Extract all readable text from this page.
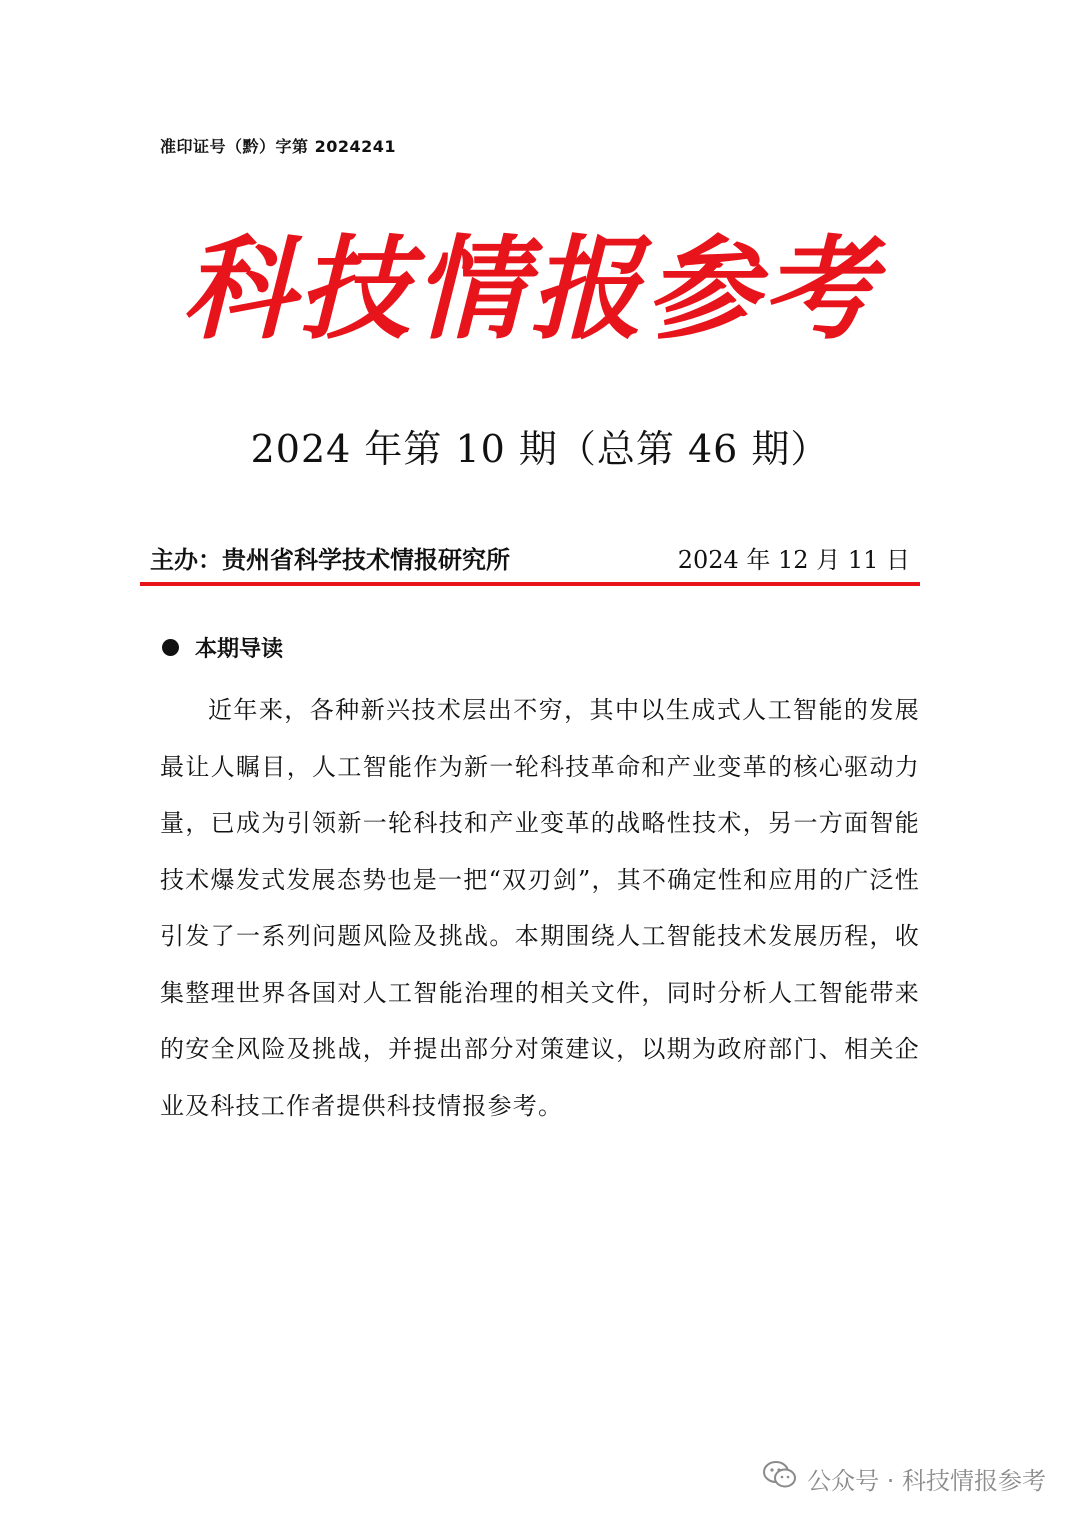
准印证号（黔）字第 2024241
科技情报参考
2024 年第 10 期（总第 46 期）
主办：贵州省科学技术情报研究所	2024 年 12 月 11 日
本期导读

近年来，各种新兴技术层出不穷，其中以生成式人工智能的发展最让人瞩目，人工智能作为新一轮科技革命和产业变革的核心驱动力量，已成为引领新一轮科技和产业变革的战略性技术，另一方面智能技术爆发式发展态势也是一把“双刃剑”，其不确定性和应用的广泛性引发了一系列问题风险及挑战。本期围绕人工智能技术发展历程，收集整理世界各国对人工智能治理的相关文件，同时分析人工智能带来的安全风险及挑战，并提出部分对策建议，以期为政府部门、相关企业及科技工作者提供科技情报参考。

公众号 · 科技情报参考
